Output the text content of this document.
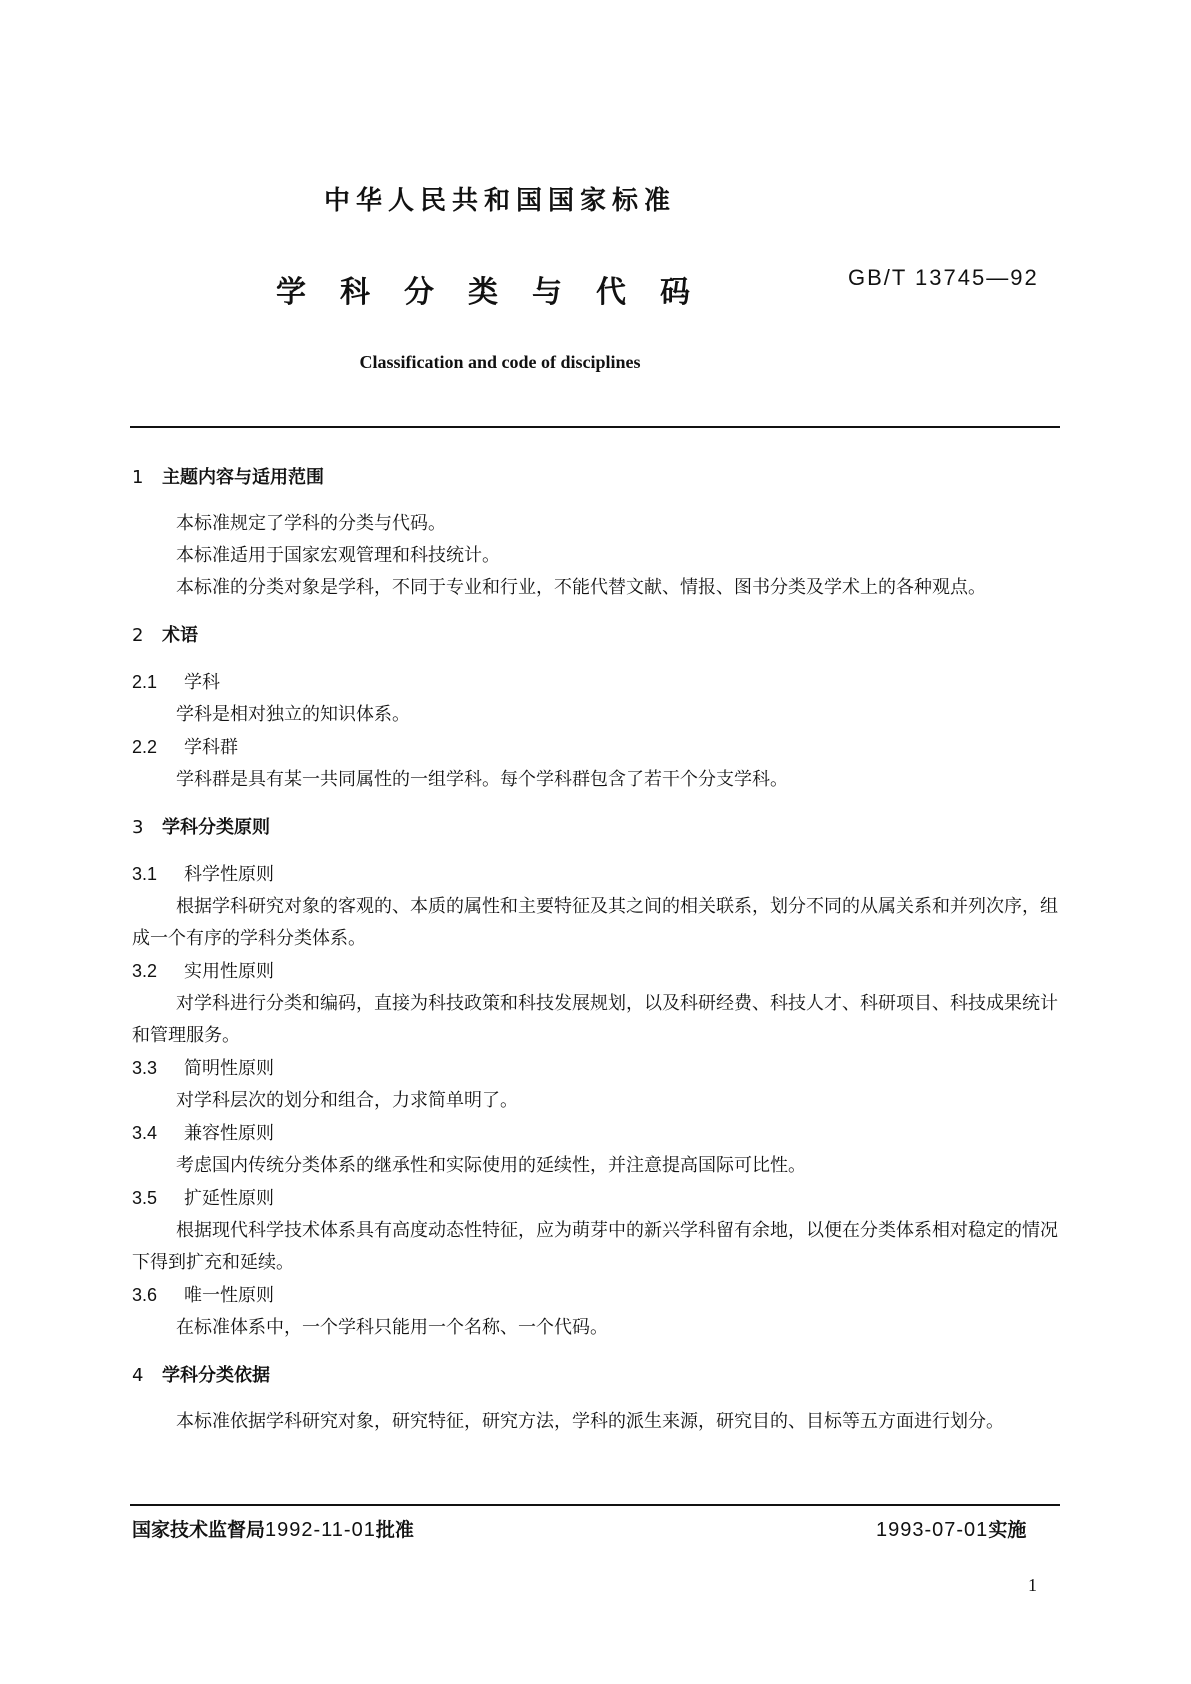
中华人民共和国国家标准
学科分类与代码	GB/T 13745—92
Classification and code of disciplines
1 主题内容与适用范围

本标准规定了学科的分类与代码。

本标准适用于国家宏观管理和科技统计。

本标准的分类对象是学科，不同于专业和行业，不能代替文献、情报、图书分类及学术上的各种观点。

2 术语
2.1 学科

学科是相对独立的知识体系。

2.2 学科群

学科群是具有某一共同属性的一组学科。每个学科群包含了若干个分支学科。

3 学科分类原则
3.1 科学性原则

根据学科研究对象的客观的、本质的属性和主要特征及其之间的相关联系，划分不同的从属关系和并列次序，组成一个有序的学科分类体系。

3.2 实用性原则

对学科进行分类和编码，直接为科技政策和科技发展规划，以及科研经费、科技人才、科研项目、科技成果统计和管理服务。

3.3 简明性原则

对学科层次的划分和组合，力求简单明了。

3.4 兼容性原则

考虑国内传统分类体系的继承性和实际使用的延续性，并注意提高国际可比性。

3.5 扩延性原则

根据现代科学技术体系具有高度动态性特征，应为萌芽中的新兴学科留有余地，以便在分类体系相对稳定的情况下得到扩充和延续。

3.6 唯一性原则

在标准体系中，一个学科只能用一个名称、一个代码。

4 学科分类依据

本标准依据学科研究对象，研究特征，研究方法，学科的派生来源，研究目的、目标等五方面进行划分。

国家技术监督局1992-11-01批准	1993-07-01实施
1
